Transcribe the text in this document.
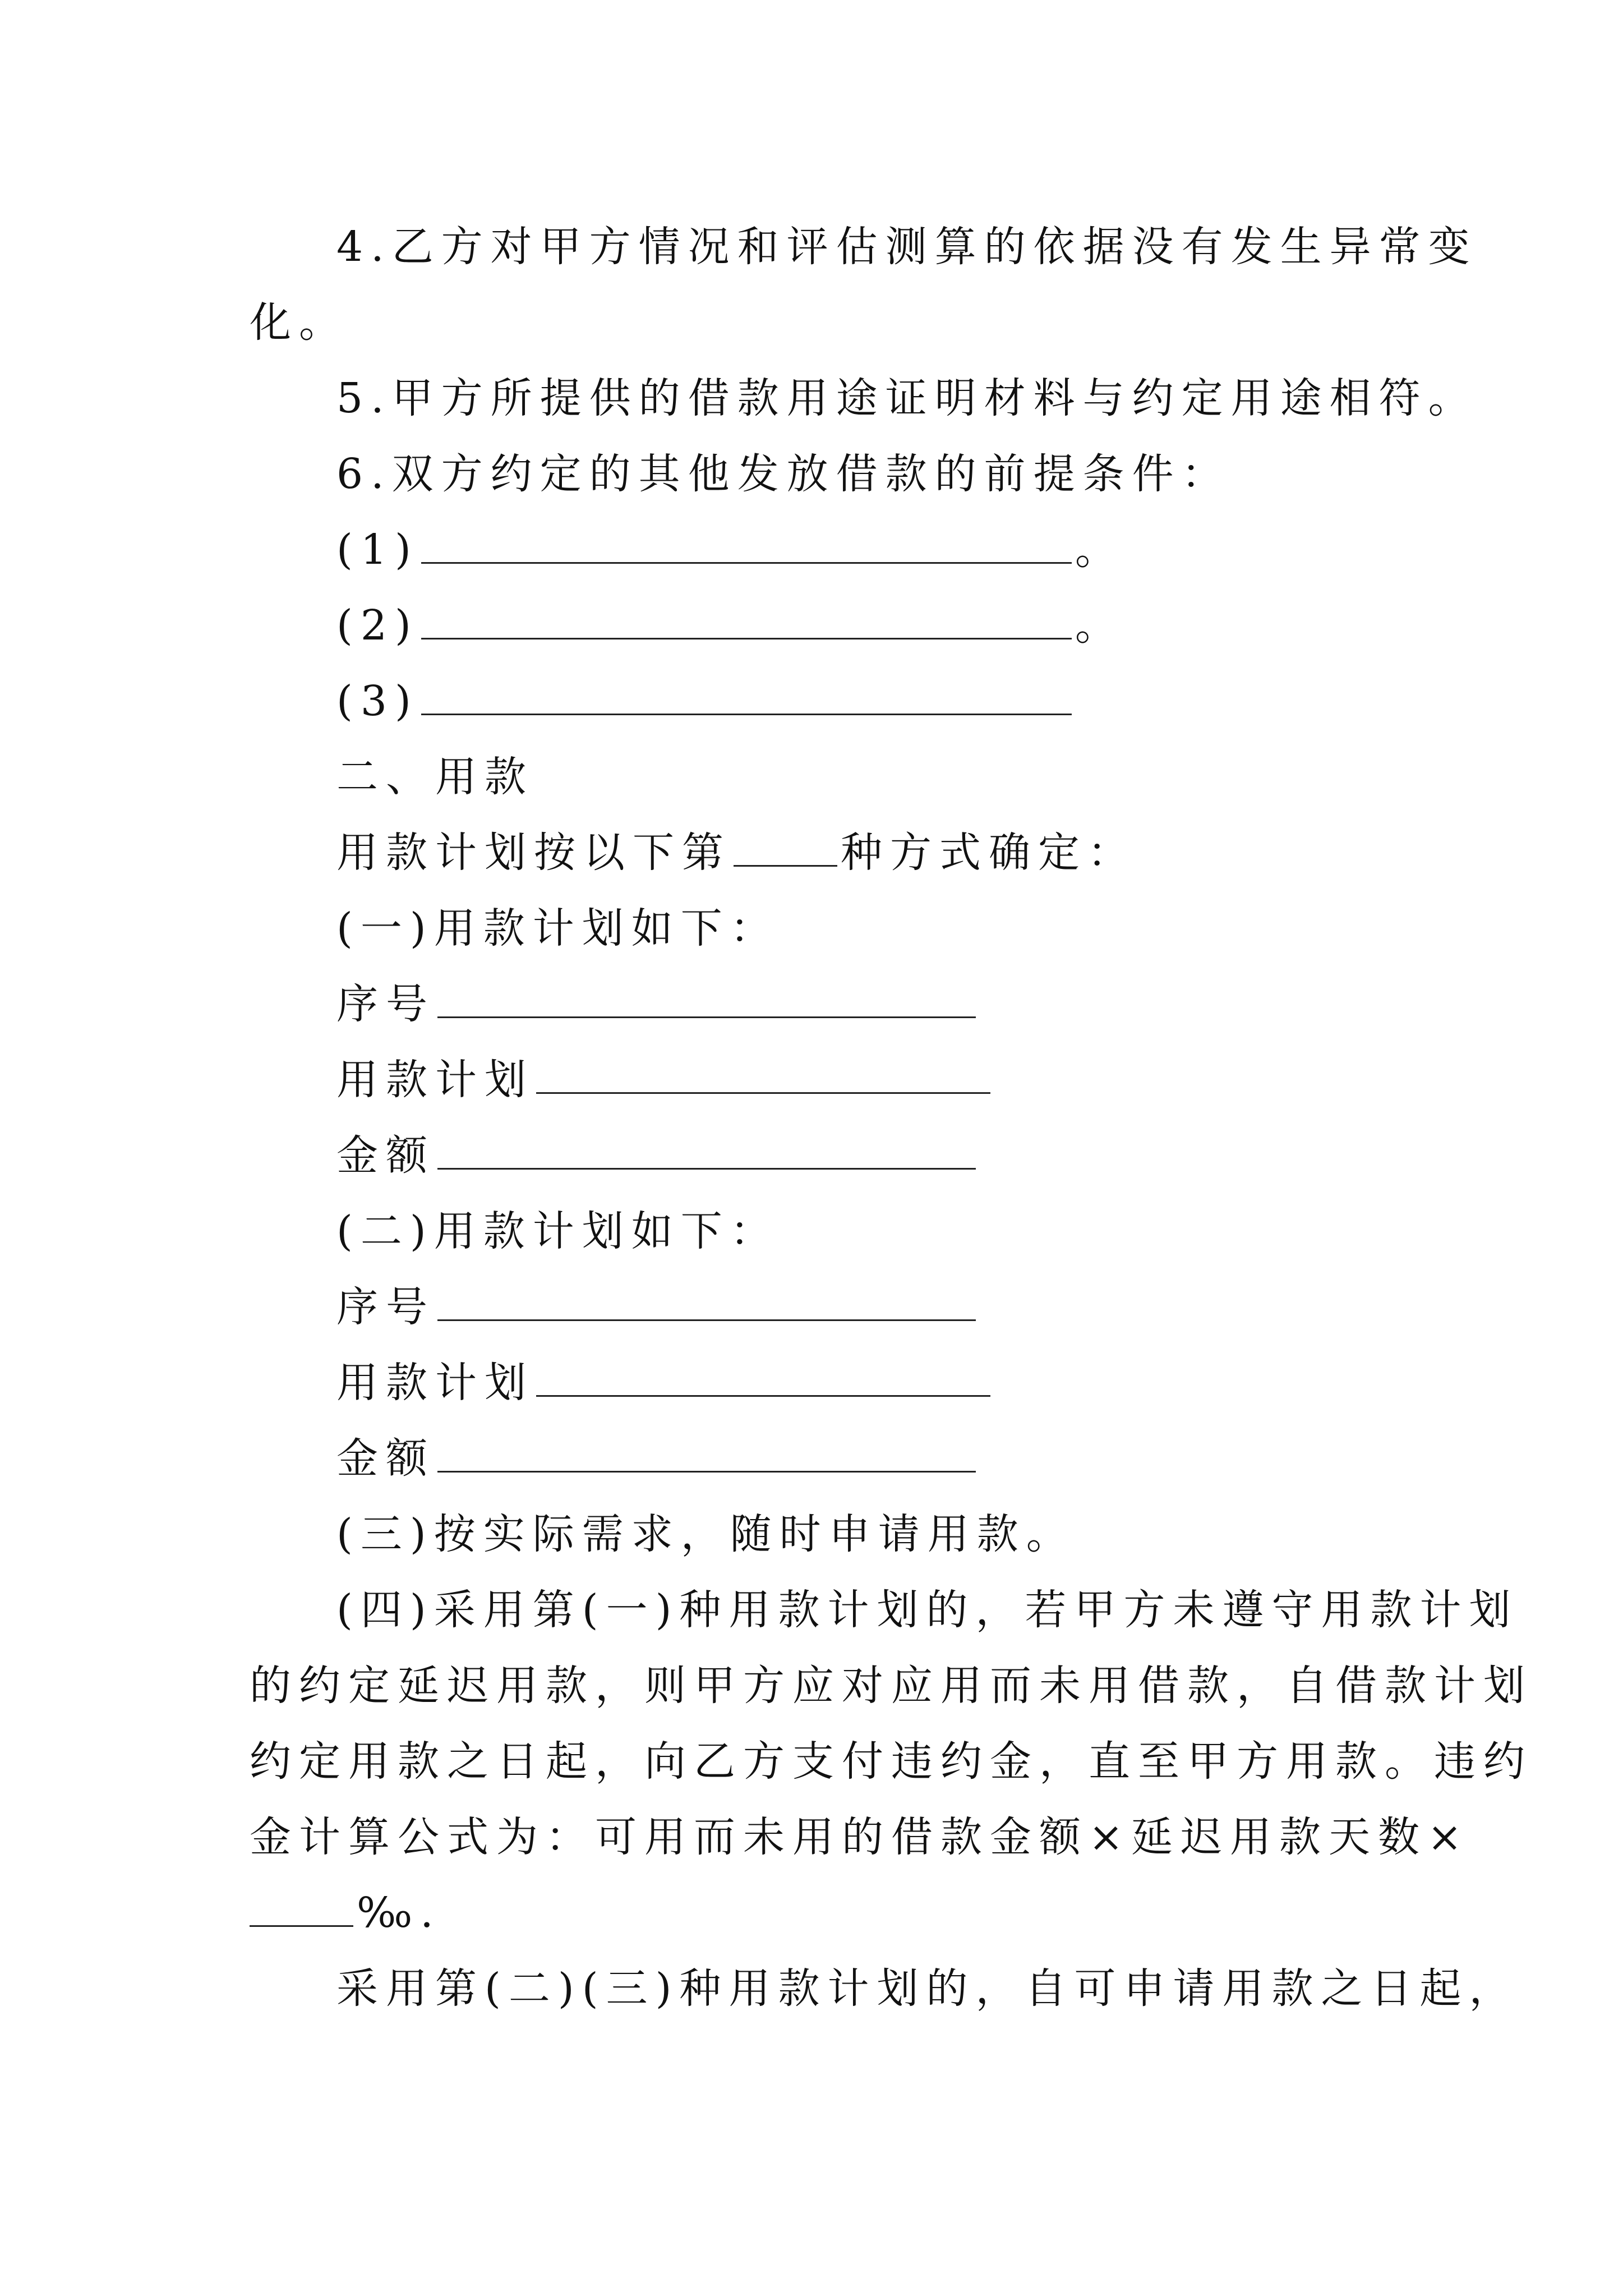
4.乙方对甲方情况和评估测算的依据没有发生异常变
化。
5.甲方所提供的借款用途证明材料与约定用途相符。
6.双方约定的其他发放借款的前提条件：
(1)	。
(2)	。
(3)
二、用款
用款计划按以下第	种方式确定：
(一)用款计划如下：
序号
用款计划
金额
(二)用款计划如下：
序号
用款计划
金额
(三)按实际需求，随时申请用款。
(四)采用第(一)种用款计划的，若甲方未遵守用款计划
的约定延迟用款，则甲方应对应用而未用借款，自借款计划
约定用款之日起，向乙方支付违约金，直至甲方用款。违约
金计算公式为：可用而未用的借款金额×延迟用款天数×
‰.
采用第(二)(三)种用款计划的，自可申请用款之日起，
